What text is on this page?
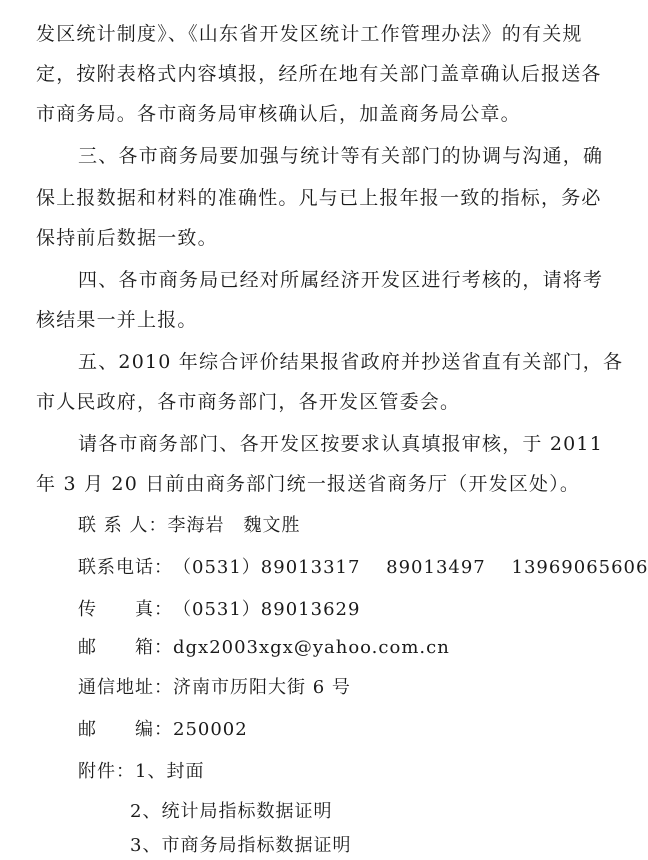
发区统计制度》、《山东省开发区统计工作管理办法》的有关规
定，按附表格式内容填报，经所在地有关部门盖章确认后报送各
市商务局。各市商务局审核确认后，加盖商务局公章。
三、各市商务局要加强与统计等有关部门的协调与沟通，确
保上报数据和材料的准确性。凡与已上报年报一致的指标，务必
保持前后数据一致。
四、各市商务局已经对所属经济开发区进行考核的，请将考
核结果一并上报。
五、2010 年综合评价结果报省政府并抄送省直有关部门，各
市人民政府，各市商务部门，各开发区管委会。
请各市商务部门、各开发区按要求认真填报审核，于 2011
年 3 月 20 日前由商务部门统一报送省商务厅（开发区处）。
联 系 人：李海岩　魏文胜
联系电话：（0531）89013317　 89013497　 13969065606
传　　真：（0531）89013629
邮　　箱：dgx2003xgx@yahoo.com.cn
通信地址：济南市历阳大街 6 号
邮　　编：250002
附件：1、封面
2、统计局指标数据证明
3、市商务局指标数据证明
